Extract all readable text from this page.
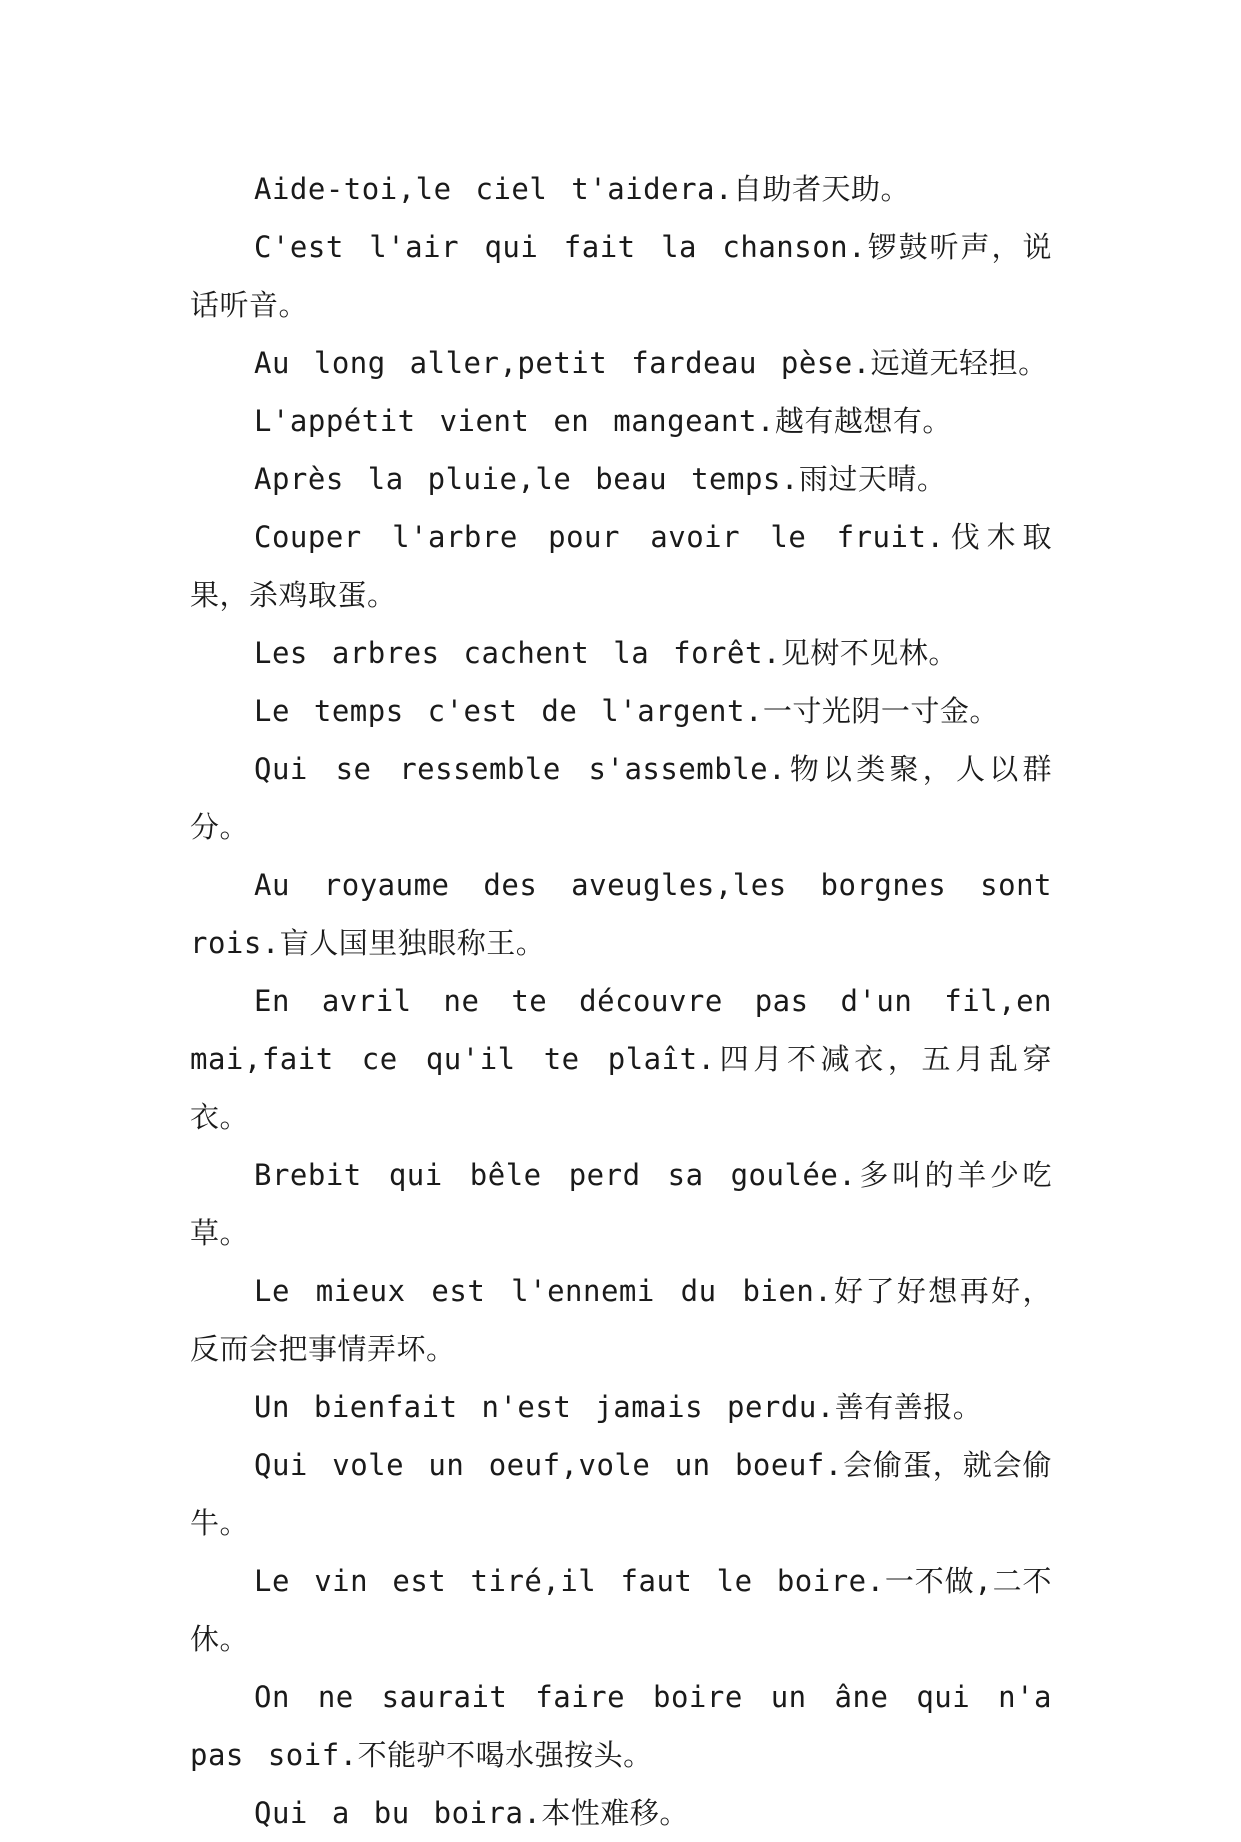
Aide-toi,le ciel t'aidera.自助者天助。

C'est l'air qui fait la chanson.锣鼓听声，说话听音。

Au long aller,petit fardeau pèse.远道无轻担。

L'appétit vient en mangeant.越有越想有。

Après la pluie,le beau temps.雨过天晴。

Couper l'arbre pour avoir le fruit.伐木取果，杀鸡取蛋。

Les arbres cachent la forêt.见树不见林。

Le temps c'est de l'argent.一寸光阴一寸金。

Qui se ressemble s'assemble.物以类聚，人以群分。

Au royaume des aveugles,les borgnes sont rois.盲人国里独眼称王。

En avril ne te découvre pas d'un fil,en mai,fait ce qu'il te plaît.四月不减衣，五月乱穿衣。

Brebit qui bêle perd sa goulée.多叫的羊少吃草。

Le mieux est l'ennemi du bien.好了好想再好，反而会把事情弄坏。

Un bienfait n'est jamais perdu.善有善报。

Qui vole un oeuf,vole un boeuf.会偷蛋，就会偷牛。

Le vin est tiré,il faut le boire.一不做,二不休。

On ne saurait faire boire un âne qui n'a pas soif.不能驴不喝水强按头。

Qui a bu boira.本性难移。
